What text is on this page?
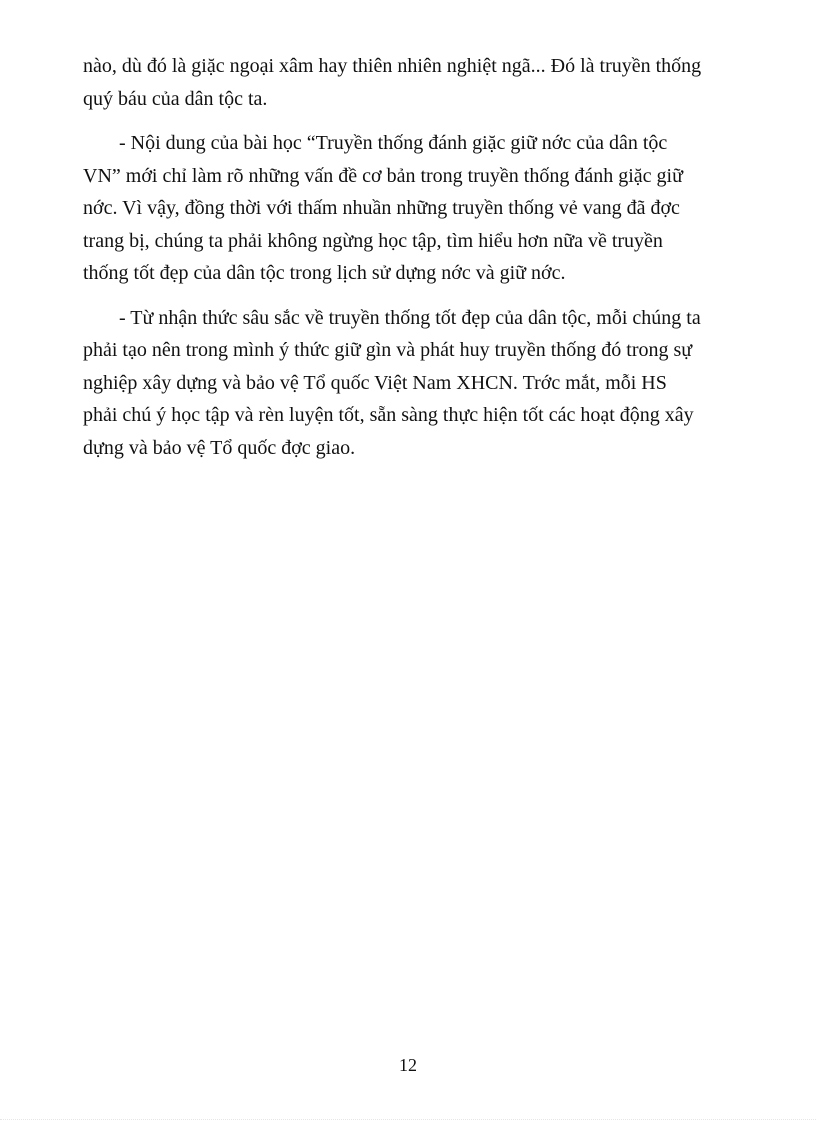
nào, dù đó là giặc ngoại xâm hay thiên nhiên nghiệt ngã... Đó là truyền thống
quý báu của dân tộc ta.

- Nội dung của bài học “Truyền thống đánh giặc giữ nớc của dân tộc
VN” mới chỉ làm rõ những vấn đề cơ bản trong truyền thống đánh giặc giữ
nớc. Vì vậy, đồng thời với thấm nhuần những truyền thống vẻ vang đã đợc
trang bị, chúng ta phải không ngừng học tập, tìm hiểu hơn nữa về truyền
thống tốt đẹp của dân tộc trong lịch sử dựng nớc và giữ nớc.

- Từ nhận thức sâu sắc về truyền thống tốt đẹp của dân tộc, mỗi chúng ta
phải tạo nên trong mình ý thức giữ gìn và phát huy truyền thống đó trong sự
nghiệp xây dựng và bảo vệ Tổ quốc Việt Nam XHCN. Trớc mắt, mỗi HS
phải chú ý học tập và rèn luyện tốt, sẵn sàng thực hiện tốt các hoạt động xây
dựng và bảo vệ Tổ quốc đợc giao.

12
